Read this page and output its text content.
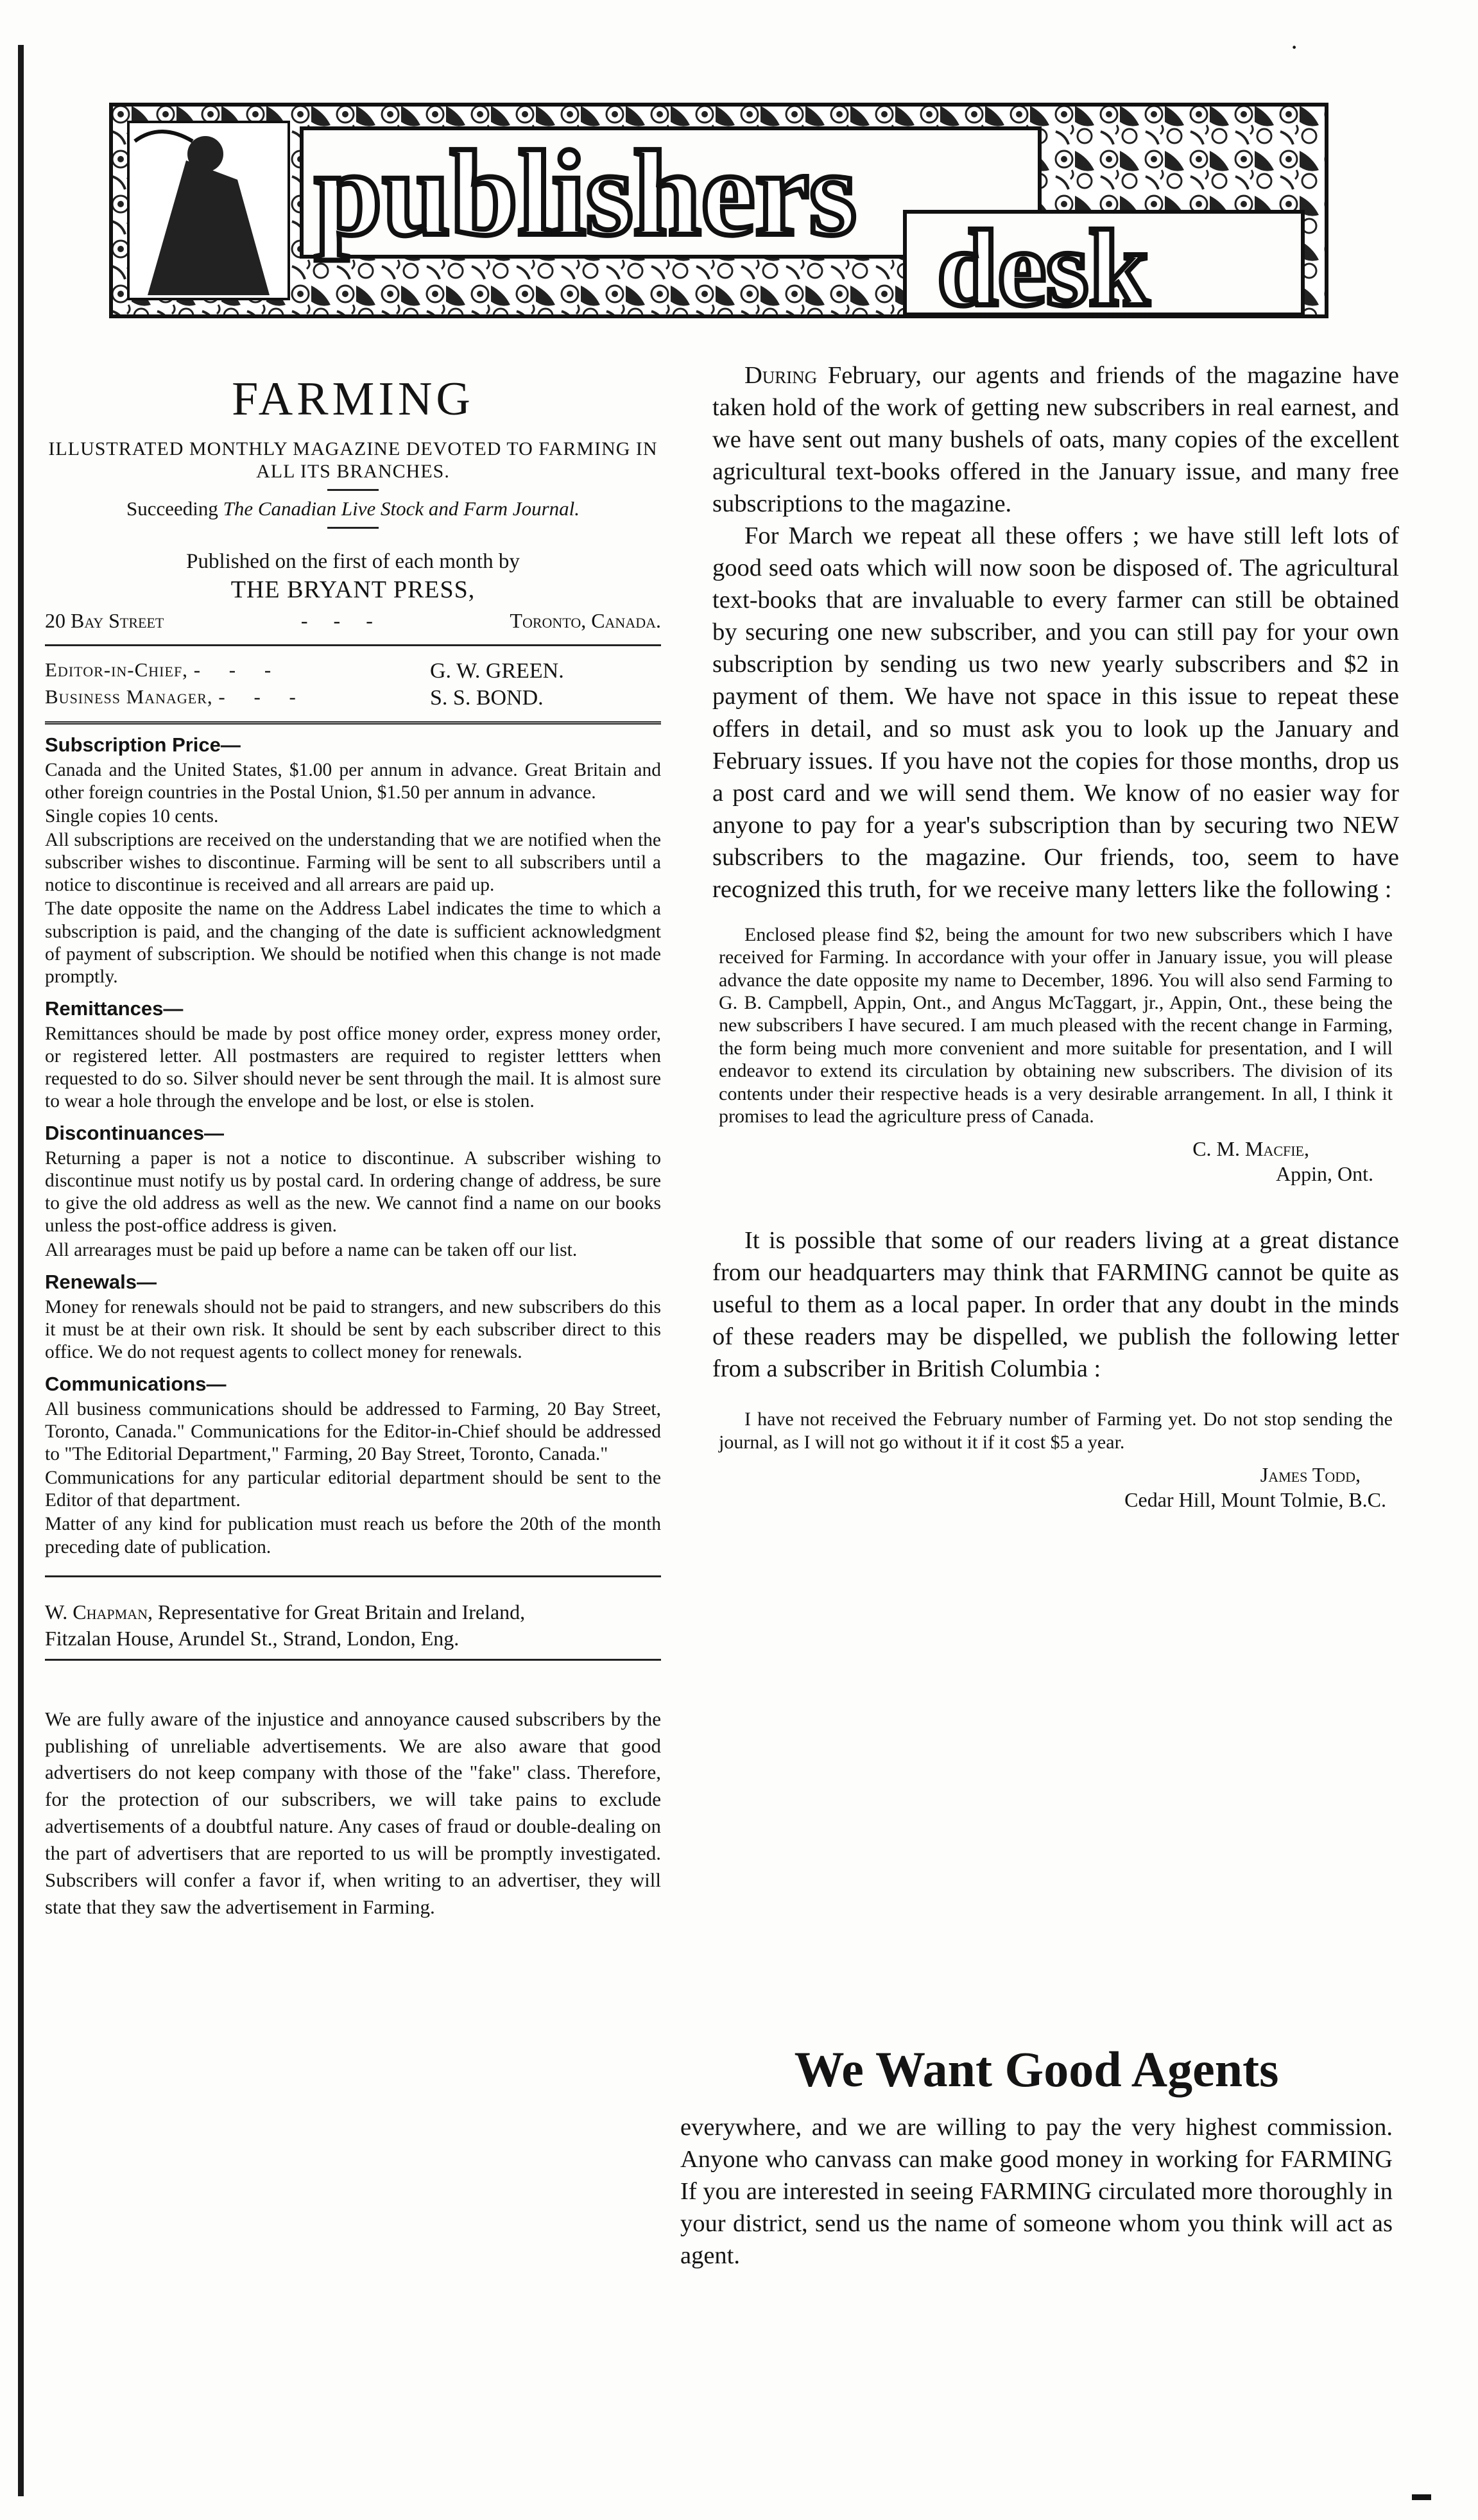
·
publishers
desk
FARMING
ILLUSTRATED MONTHLY MAGAZINE DEVOTED TO FARMING IN ALL ITS BRANCHES.
Succeeding The Canadian Live Stock and Farm Journal.
Published on the first of each month by
THE BRYANT PRESS,
20 Bay Street	-     -     -	Toronto, Canada.
Editor-in-Chief, -     -     -	G. W. GREEN.
Business Manager, -     -     -	S. S. BOND.
Subscription Price—

Canada and the United States, $1.00 per annum in advance. Great Britain and other foreign countries in the Postal Union, $1.50 per annum in advance.

Single copies 10 cents.

All subscriptions are received on the understanding that we are notified when the subscriber wishes to discontinue. Farming will be sent to all subscribers until a notice to discontinue is received and all arrears are paid up.

The date opposite the name on the Address Label indicates the time to which a subscription is paid, and the changing of the date is sufficient acknowledgment of payment of subscription. We should be notified when this change is not made promptly.

Remittances—

Remittances should be made by post office money order, express money order, or registered letter. All postmasters are required to register lettters when requested to do so. Silver should never be sent through the mail. It is almost sure to wear a hole through the envelope and be lost, or else is stolen.

Discontinuances—

Returning a paper is not a notice to discontinue. A subscriber wishing to discontinue must notify us by postal card. In ordering change of address, be sure to give the old address as well as the new. We cannot find a name on our books unless the post-office address is given.

All arrearages must be paid up before a name can be taken off our list.

Renewals—

Money for renewals should not be paid to strangers, and new subscribers do this it must be at their own risk. It should be sent by each subscriber direct to this office. We do not request agents to collect money for renewals.

Communications—

All business communications should be addressed to Farming, 20 Bay Street, Toronto, Canada." Communications for the Editor-in-Chief should be addressed to "The Editorial Department," Farming, 20 Bay Street, Toronto, Canada."

Communications for any particular editorial department should be sent to the Editor of that department.

Matter of any kind for publication must reach us before the 20th of the month preceding date of publication.

W. Chapman, Representative for Great Britain and Ireland,
Fitzalan House, Arundel St., Strand, London, Eng.

We are fully aware of the injustice and annoyance caused subscribers by the publishing of unreliable advertisements. We are also aware that good advertisers do not keep company with those of the "fake" class. Therefore, for the protection of our subscribers, we will take pains to exclude advertisements of a doubtful nature. Any cases of fraud or double-dealing on the part of advertisers that are reported to us will be promptly investigated. Subscribers will confer a favor if, when writing to an advertiser, they will state that they saw the advertisement in Farming.

During February, our agents and friends of the magazine have taken hold of the work of getting new subscribers in real earnest, and we have sent out many bushels of oats, many copies of the excellent agricultural text-books offered in the January issue, and many free subscriptions to the magazine.

For March we repeat all these offers ; we have still left lots of good seed oats which will now soon be disposed of. The agricultural text-books that are invaluable to every farmer can still be obtained by securing one new subscriber, and you can still pay for your own subscription by sending us two new yearly subscribers and $2 in payment of them. We have not space in this issue to repeat these offers in detail, and so must ask you to look up the January and February issues. If you have not the copies for those months, drop us a post card and we will send them. We know of no easier way for anyone to pay for a year's subscription than by securing two NEW subscribers to the magazine. Our friends, too, seem to have recognized this truth, for we receive many letters like the following :

Enclosed please find $2, being the amount for two new subscribers which I have received for Farming. In accordance with your offer in January issue, you will please advance the date opposite my name to December, 1896. You will also send Farming to G. B. Campbell, Appin, Ont., and Angus McTaggart, jr., Appin, Ont., these being the new subscribers I have secured. I am much pleased with the recent change in Farming, the form being much more convenient and more suitable for presentation, and I will endeavor to extend its circulation by obtaining new subscribers. The division of its contents under their respective heads is a very desirable arrangement. In all, I think it promises to lead the agriculture press of Canada.

C. M. Macfie,
Appin, Ont.

It is possible that some of our readers living at a great distance from our headquarters may think that FARMING cannot be quite as useful to them as a local paper. In order that any doubt in the minds of these readers may be dispelled, we publish the following letter from a subscriber in British Columbia :

I have not received the February number of Farming yet. Do not stop sending the journal, as I will not go without it if it cost $5 a year.

James Todd,
Cedar Hill, Mount Tolmie, B.C.
We Want Good Agents

everywhere, and we are willing to pay the very highest commission. Anyone who canvass can make good money in working for FARMING If you are interested in seeing FARMING circulated more thoroughly in your district, send us the name of someone whom you think will act as agent.

▬
